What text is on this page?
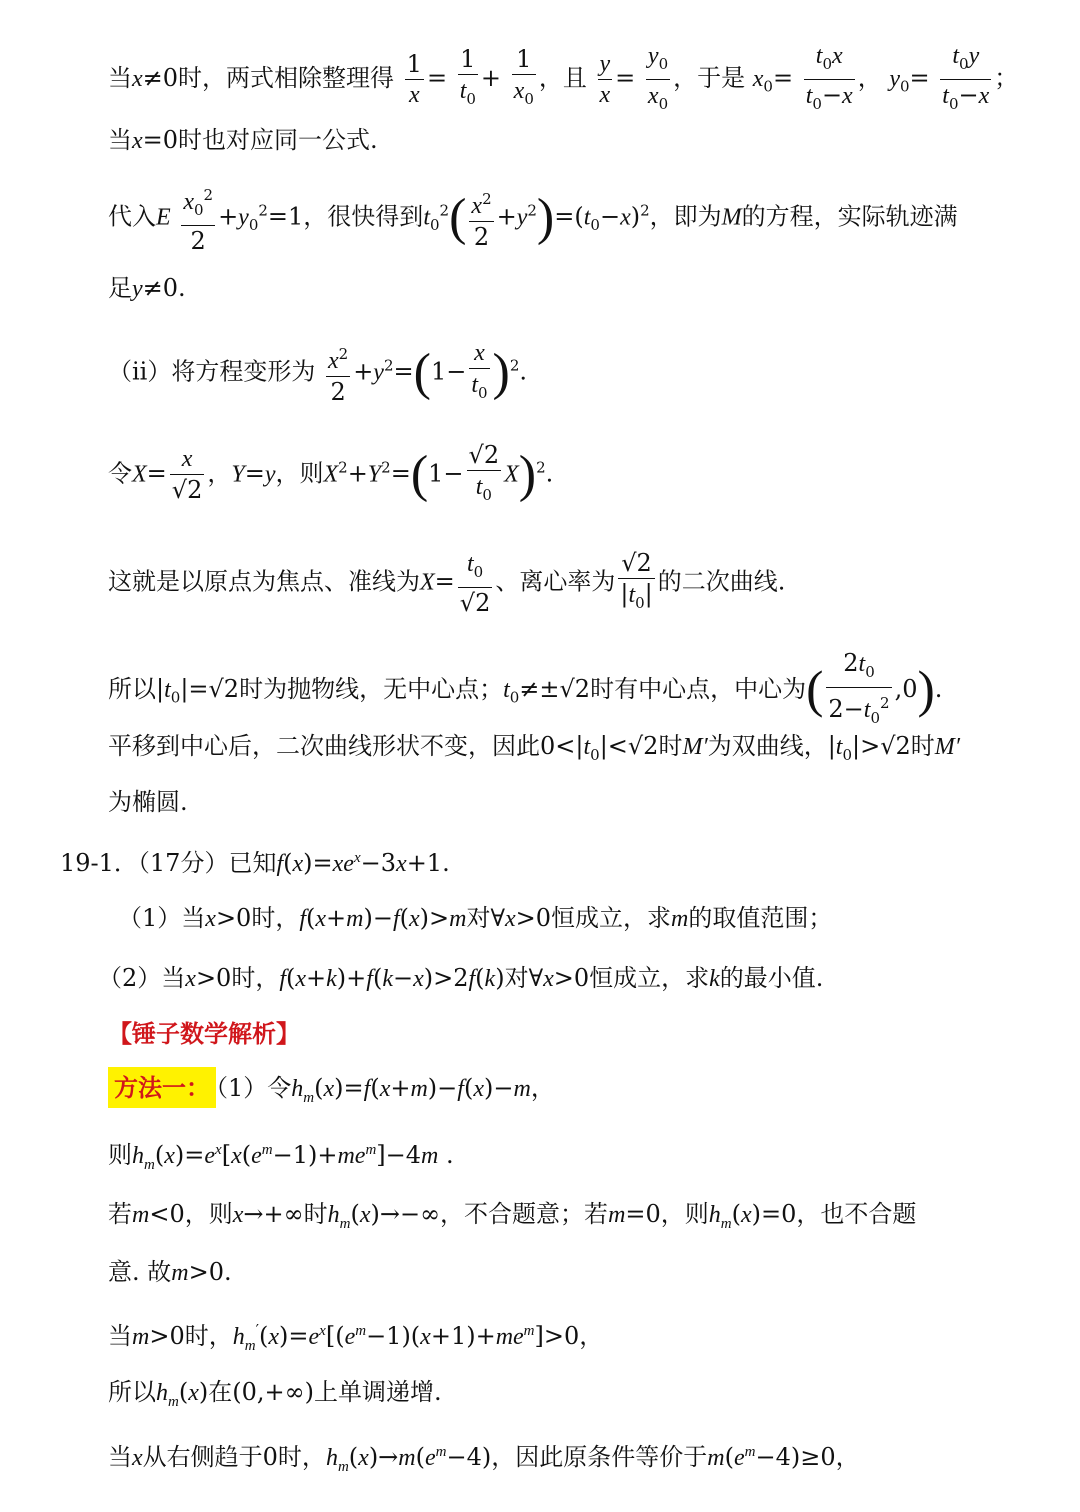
当x≠0时，两式相除整理得 $\frac{1}{x} = \frac{1}{t_0} + \frac{1}{x_0}$ ，且 $\frac{y}{x} = \frac{y_0}{x_0}$ ，于是 $x_0= \frac{t_0x}{t_0-x}$ ， $y_0= \frac{t_0y}{t_0-x}$ ；
当x=0时也对应同一公式.
代入E $\frac{x_0^2}{2} +y_0^2=1$，很快得到$t_0^2( \frac{x^2}{2} +y^2)=(t_0-x)^2$，即为M的方程，实际轨迹满
足y≠0.
（ii）将方程变形为 $\frac{x^2}{2} +y^2=(1- \frac{x}{t_0} )^2$.
令$X= \frac{x}{√2}$ ，Y=y，则$X^2+Y^2=(1- \frac{√2}{t_0} X)^2$.
这就是以原点为焦点、准线为$X= \frac{t_0}{√2}$ 、离心率为 $\frac{√2}{|t_0|}$ 的二次曲线.
所以$|t_0|=√2$时为抛物线，无中心点；$t_0\ne\pm√2$时有中心点，中心为( $\frac{2t_0}{2-t_0^2} ,0$).
平移到中心后，二次曲线形状不变，因此$0<|t_0|<√2$时M′为双曲线，$|t_0|>√2$时M′
为椭圆.
19-1．（17分）已知$f(x)=xe^x-3x+1$.
（1）当x>0时，f(x+m)−f(x)>m对∀x>0恒成立，求m的取值范围；
（2）当x>0时，f(x+k)+f(k−x)>2f(k)对∀x>0恒成立，求k的最小值.
【锤子数学解析】
方法一： （1）令$h_m(x)=f(x+m)-f(x)-m$，
则$h_m(x)=e^x[x(e^m-1)+me^m]-4m$ .
若m<0，则x→+∞时$h_m(x)\to-\infty$，不合题意；若m=0，则$h_m(x)=0$，也不合题
意. 故m>0.
当m>0时，$h_m'(x)=e^x[(e^m-1)(x+1)+me^m]>0$，
所以$h_m(x)$在(0,+∞)上单调递增.
当x从右侧趋于0时，$h_m(x)\to m(e^m-4)$，因此原条件等价于$m(e^m-4)\ge 0$，
